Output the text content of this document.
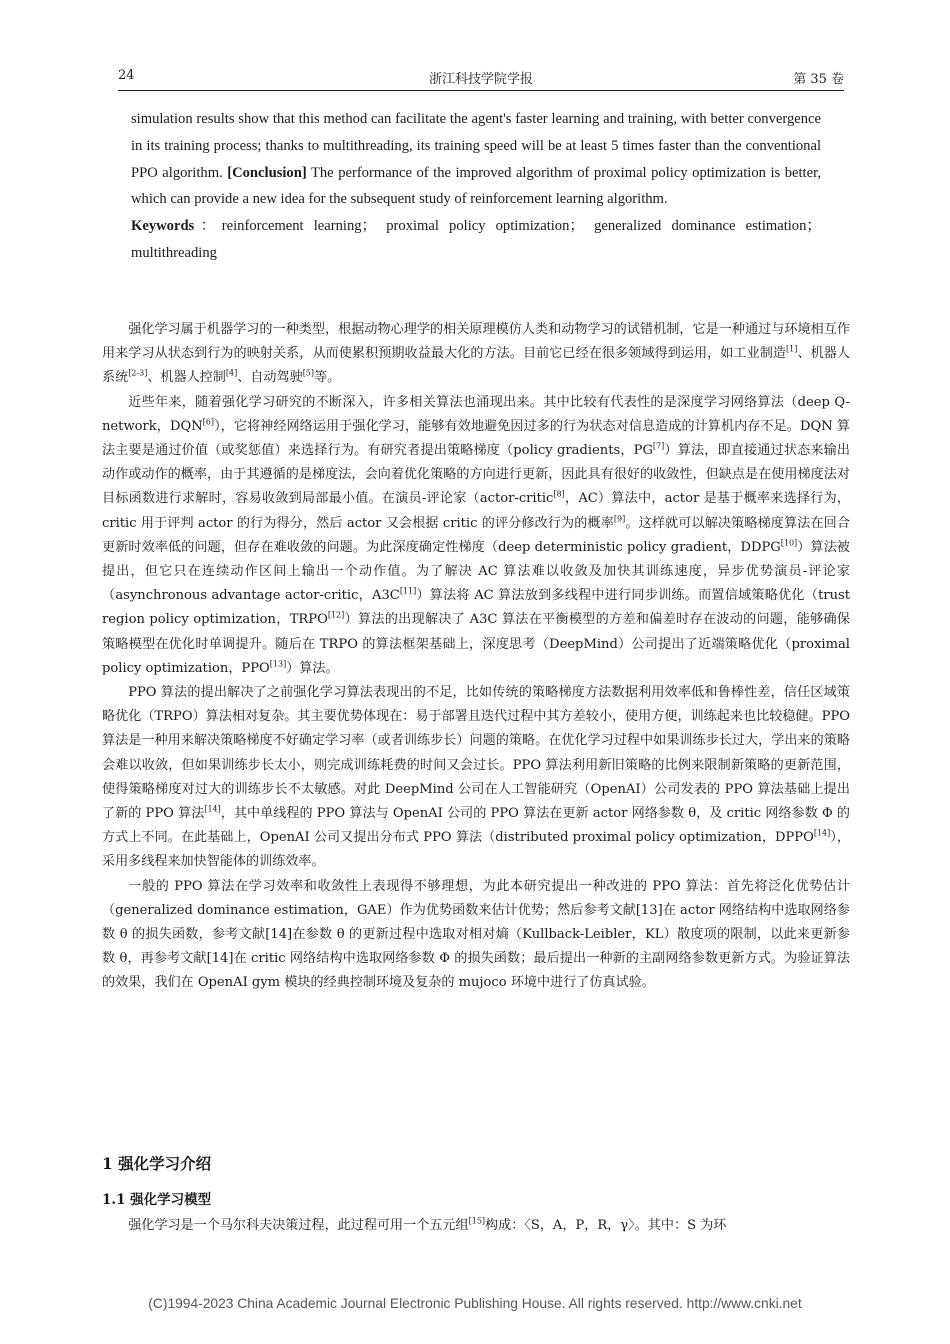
24	浙江科技学院学报	第 35 卷

simulation results show that this method can facilitate the agent's faster learning and training, with better convergence in its training process; thanks to multithreading, its training speed will be at least 5 times faster than the conventional PPO algorithm. [Conclusion] The performance of the improved algorithm of proximal policy optimization is better, which can provide a new idea for the subsequent study of reinforcement learning algorithm.

Keywords：reinforcement learning； proximal policy optimization； generalized dominance estimation； multithreading

强化学习属于机器学习的一种类型，根据动物心理学的相关原理模仿人类和动物学习的试错机制，它是一种通过与环境相互作用来学习从状态到行为的映射关系，从而使累积预期收益最大化的方法。目前它已经在很多领域得到运用，如工业制造[1]、机器人系统[2-3]、机器人控制[4]、自动驾驶[5]等。

近些年来，随着强化学习研究的不断深入，许多相关算法也涌现出来。其中比较有代表性的是深度学习网络算法（deep Q-network，DQN[6]），它将神经网络运用于强化学习，能够有效地避免因过多的行为状态对信息造成的计算机内存不足。DQN 算法主要是通过价值（或奖惩值）来选择行为。有研究者提出策略梯度（policy gradients，PG[7]）算法，即直接通过状态来输出动作或动作的概率，由于其遵循的是梯度法，会向着优化策略的方向进行更新，因此具有很好的收敛性，但缺点是在使用梯度法对目标函数进行求解时，容易收敛到局部最小值。在演员-评论家（actor-critic[8]，AC）算法中，actor 是基于概率来选择行为，critic 用于评判 actor 的行为得分，然后 actor 又会根据 critic 的评分修改行为的概率[9]。这样就可以解决策略梯度算法在回合更新时效率低的问题，但存在难收敛的问题。为此深度确定性梯度（deep deterministic policy gradient，DDPG[10]）算法被提出，但它只在连续动作区间上输出一个动作值。为了解决 AC 算法难以收敛及加快其训练速度，异步优势演员-评论家（asynchronous advantage actor-critic，A3C[11]）算法将 AC 算法放到多线程中进行同步训练。而置信域策略优化（trust region policy optimization，TRPO[12]）算法的出现解决了 A3C 算法在平衡模型的方差和偏差时存在波动的问题，能够确保策略模型在优化时单调提升。随后在 TRPO 的算法框架基础上，深度思考（DeepMind）公司提出了近端策略优化（proximal policy optimization，PPO[13]）算法。

PPO 算法的提出解决了之前强化学习算法表现出的不足，比如传统的策略梯度方法数据利用效率低和鲁棒性差，信任区域策略优化（TRPO）算法相对复杂。其主要优势体现在：易于部署且迭代过程中其方差较小，使用方便，训练起来也比较稳健。PPO 算法是一种用来解决策略梯度不好确定学习率（或者训练步长）问题的策略。在优化学习过程中如果训练步长过大，学出来的策略会难以收敛，但如果训练步长太小，则完成训练耗费的时间又会过长。PPO 算法利用新旧策略的比例来限制新策略的更新范围，使得策略梯度对过大的训练步长不太敏感。对此 DeepMind 公司在人工智能研究（OpenAI）公司发表的 PPO 算法基础上提出了新的 PPO 算法[14]，其中单线程的 PPO 算法与 OpenAI 公司的 PPO 算法在更新 actor 网络参数 θ，及 critic 网络参数 Φ 的方式上不同。在此基础上，OpenAI 公司又提出分布式 PPO 算法（distributed proximal policy optimization，DPPO[14]），采用多线程来加快智能体的训练效率。

一般的 PPO 算法在学习效率和收敛性上表现得不够理想，为此本研究提出一种改进的 PPO 算法：首先将泛化优势估计（generalized dominance estimation，GAE）作为优势函数来估计优势；然后参考文献[13]在 actor 网络结构中选取网络参数 θ 的损失函数，参考文献[14]在参数 θ 的更新过程中选取对相对熵（Kullback-Leibler，KL）散度项的限制，以此来更新参数 θ，再参考文献[14]在 critic 网络结构中选取网络参数 Φ 的损失函数；最后提出一种新的主副网络参数更新方式。为验证算法的效果，我们在 OpenAI gym 模块的经典控制环境及复杂的 mujoco 环境中进行了仿真试验。

1 强化学习介绍
1.1 强化学习模型
强化学习是一个马尔科夫决策过程，此过程可用一个五元组[15]构成：〈S，A，P，R，γ〉。其中：S 为环
(C)1994-2023 China Academic Journal Electronic Publishing House. All rights reserved. http://www.cnki.net
